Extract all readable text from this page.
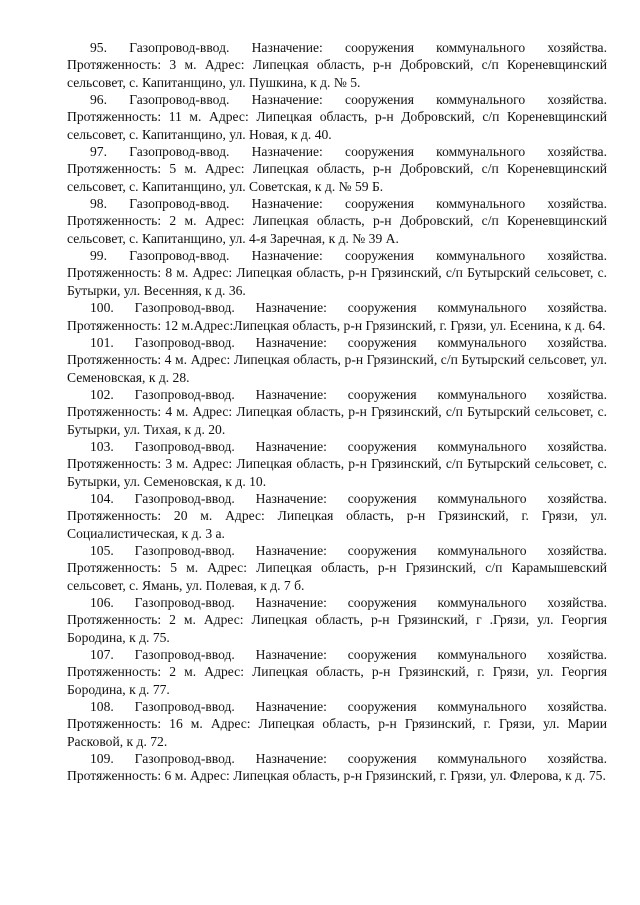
95. Газопровод-ввод. Назначение: сооружения коммунального хозяйства. Протяженность: 3 м. Адрес: Липецкая область, р-н Добровский, с/п Кореневщинский сельсовет, с. Капитанщино, ул. Пушкина, к д. № 5.

96. Газопровод-ввод. Назначение: сооружения коммунального хозяйства. Протяженность: 11 м. Адрес: Липецкая область, р-н Добровский, с/п Кореневщинский сельсовет, с. Капитанщино, ул. Новая, к д. 40.

97. Газопровод-ввод. Назначение: сооружения коммунального хозяйства. Протяженность: 5 м. Адрес: Липецкая область, р-н Добровский, с/п Кореневщинский сельсовет, с. Капитанщино, ул. Советская, к д. № 59 Б.

98. Газопровод-ввод. Назначение: сооружения коммунального хозяйства. Протяженность: 2 м. Адрес: Липецкая область, р-н Добровский, с/п Кореневщинский сельсовет, с. Капитанщино, ул. 4-я Заречная, к д. № 39 А.

99. Газопровод-ввод. Назначение: сооружения коммунального хозяйства. Протяженность: 8 м. Адрес: Липецкая область, р-н Грязинский, с/п Бутырский сельсовет, с. Бутырки, ул. Весенняя, к д. 36.

100. Газопровод-ввод. Назначение: сооружения коммунального хозяйства. Протяженность: 12 м.Адрес:Липецкая область, р-н Грязинский, г. Грязи, ул. Есенина, к д. 64.

101. Газопровод-ввод. Назначение: сооружения коммунального хозяйства. Протяженность: 4 м. Адрес: Липецкая область, р-н Грязинский, с/п Бутырский сельсовет, ул. Семеновская, к д. 28.

102. Газопровод-ввод. Назначение: сооружения коммунального хозяйства. Протяженность: 4 м. Адрес: Липецкая область, р-н Грязинский, с/п Бутырский сельсовет, с. Бутырки, ул. Тихая, к д. 20.

103. Газопровод-ввод. Назначение: сооружения коммунального хозяйства. Протяженность: 3 м. Адрес: Липецкая область, р-н Грязинский, с/п Бутырский сельсовет, с. Бутырки, ул. Семеновская, к д. 10.

104. Газопровод-ввод. Назначение: сооружения коммунального хозяйства. Протяженность: 20 м. Адрес: Липецкая область, р-н Грязинский, г. Грязи, ул. Социалистическая, к д. 3 а.

105. Газопровод-ввод. Назначение: сооружения коммунального хозяйства. Протяженность: 5 м. Адрес: Липецкая область, р-н Грязинский, с/п Карамышевский сельсовет, с. Ямань, ул. Полевая, к д. 7 б.

106. Газопровод-ввод. Назначение: сооружения коммунального хозяйства. Протяженность: 2 м. Адрес: Липецкая область, р-н Грязинский, г .Грязи, ул. Георгия Бородина, к д. 75.

107. Газопровод-ввод. Назначение: сооружения коммунального хозяйства. Протяженность: 2 м. Адрес: Липецкая область, р-н Грязинский, г. Грязи, ул. Георгия Бородина, к д. 77.

108. Газопровод-ввод. Назначение: сооружения коммунального хозяйства. Протяженность: 16 м. Адрес: Липецкая область, р-н Грязинский, г. Грязи, ул. Марии Расковой, к д. 72.

109. Газопровод-ввод. Назначение: сооружения коммунального хозяйства. Протяженность: 6 м. Адрес: Липецкая область, р-н Грязинский, г. Грязи, ул. Флерова, к д. 75.
